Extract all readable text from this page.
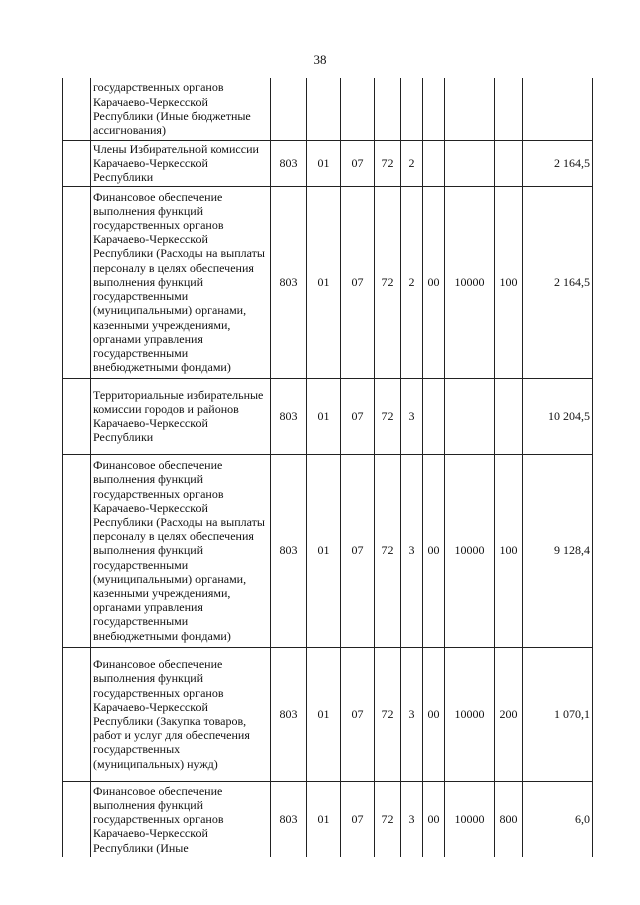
38
	государственных органов Карачаево-Черкесской Республики (Иные бюджетные ассигнования)									
	Члены Избирательной комиссии Карачаево-Черкесской Республики	803	01	07	72	2				2 164,5
	Финансовое обеспечение выполнения функций государственных органов Карачаево-Черкесской Республики (Расходы на выплаты персоналу в целях обеспечения выполнения функций государственными (муниципальными) органами, казенными учреждениями, органами управления государственными внебюджетными фондами)	803	01	07	72	2	00	10000	100	2 164,5
	Территориальные избирательные комиссии городов и районов Карачаево-Черкесской Республики	803	01	07	72	3				10 204,5
	Финансовое обеспечение выполнения функций государственных органов Карачаево-Черкесской Республики (Расходы на выплаты персоналу в целях обеспечения выполнения функций государственными (муниципальными) органами, казенными учреждениями, органами управления государственными внебюджетными фондами)	803	01	07	72	3	00	10000	100	9 128,4
	Финансовое обеспечение выполнения функций государственных органов Карачаево-Черкесской Республики (Закупка товаров, работ и услуг для обеспечения государственных (муниципальных) нужд)	803	01	07	72	3	00	10000	200	1 070,1
	Финансовое обеспечение выполнения функций государственных органов Карачаево-Черкесской Республики (Иные	803	01	07	72	3	00	10000	800	6,0
